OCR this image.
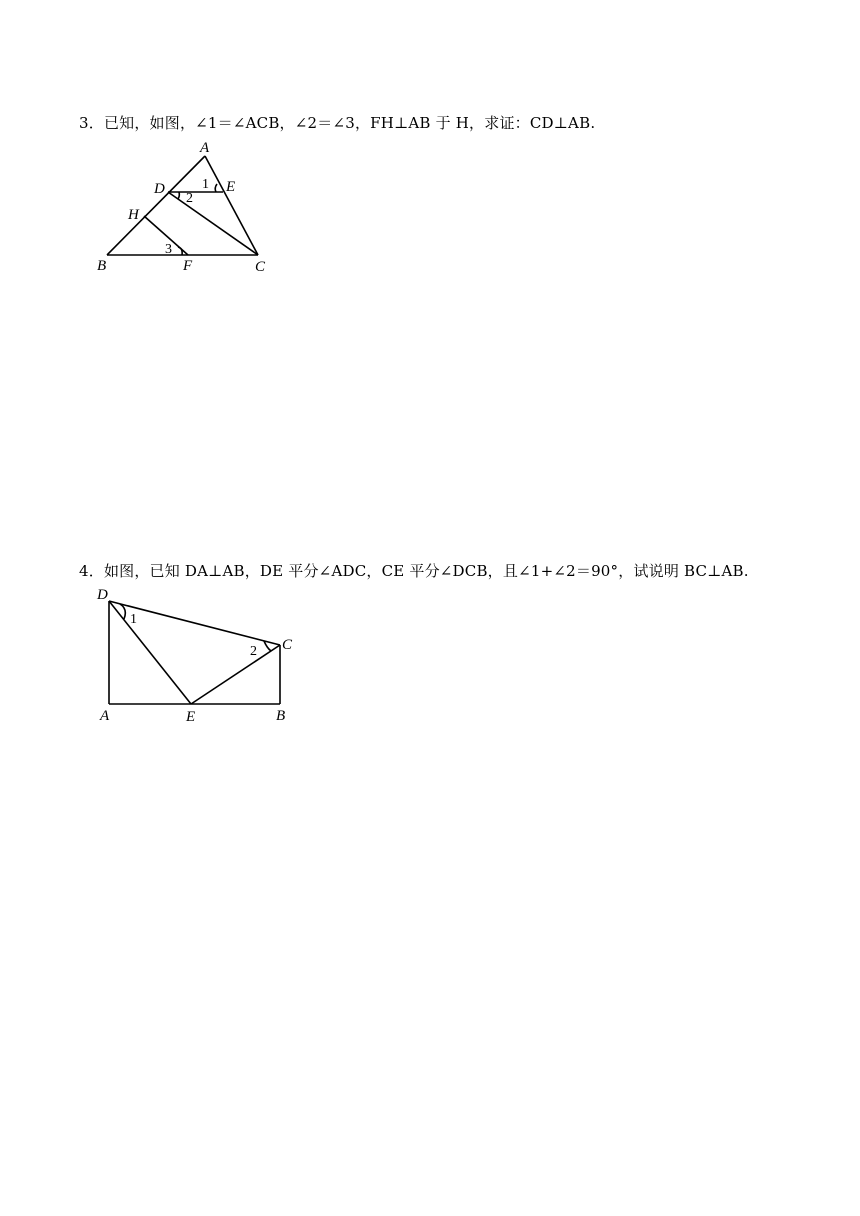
3．已知，如图，∠1＝∠ACB，∠2＝∠3，FH⊥AB 于 H，求证：CD⊥AB.
A
D	E
H
B	F	C
1
2
3
4．如图，已知 DA⊥AB，DE 平分∠ADC，CE 平分∠DCB，且∠1+∠2＝90°，试说明 BC⊥AB.
D
C
A	E	B
1
2
